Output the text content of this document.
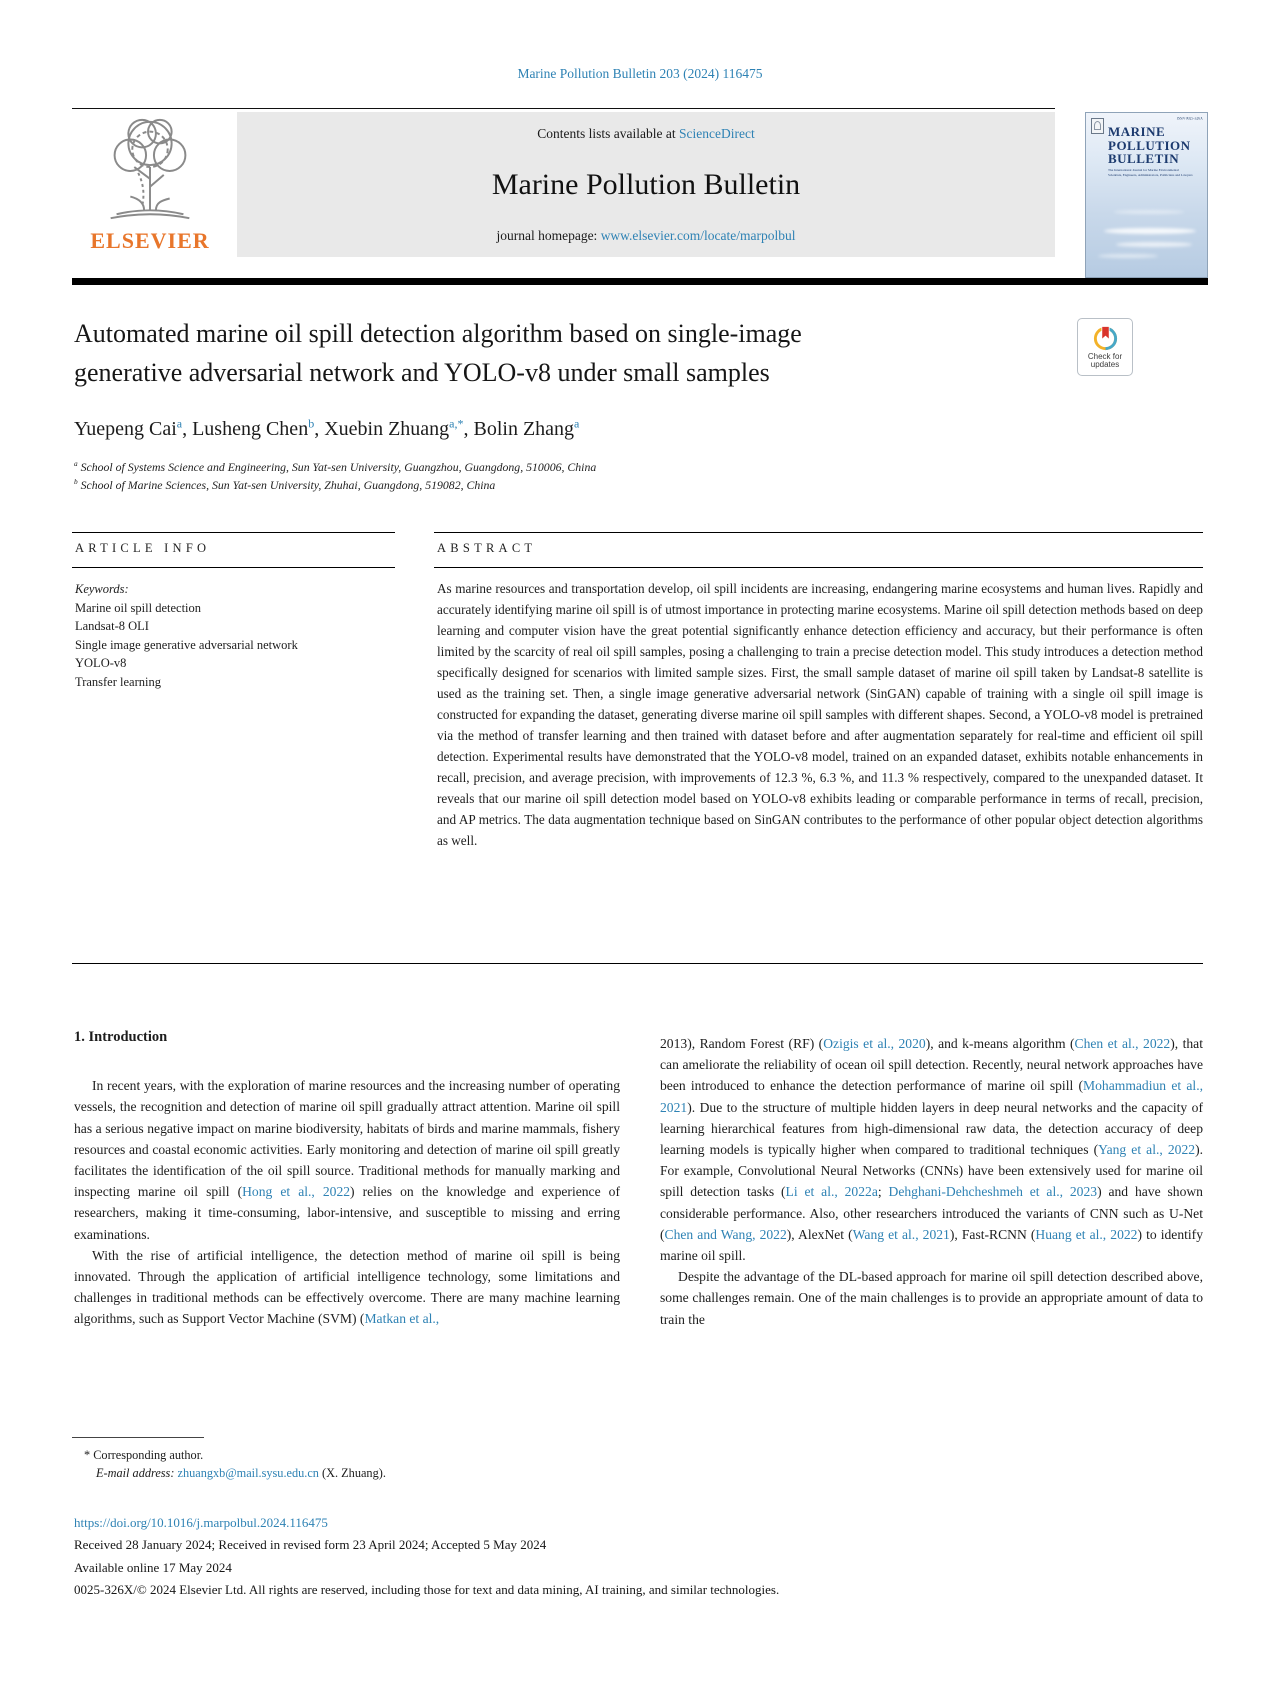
Marine Pollution Bulletin 203 (2024) 116475
ELSEVIER
Contents lists available at ScienceDirect
Marine Pollution Bulletin
journal homepage: www.elsevier.com/locate/marpolbul
ISSN 0025-326X
MARINE
POLLUTION
BULLETIN
The International Journal for Marine Environmental
Scientists, Engineers, Administrators, Politicians and Lawyers
Automated marine oil spill detection algorithm based on single-image
generative adversarial network and YOLO-v8 under small samples
Check for
updates
Yuepeng Cai$^a$, Lusheng Chen$^b$, Xuebin Zhuang$^{a,*}$, Bolin Zhang$^a$
$^a$ School of Systems Science and Engineering, Sun Yat-sen University, Guangzhou, Guangdong, 510006, China
$^b$ School of Marine Sciences, Sun Yat-sen University, Zhuhai, Guangdong, 519082, China
ARTICLE INFO	ABSTRACT
Keywords:
Marine oil spill detection
Landsat-8 OLI
Single image generative adversarial network
YOLO-v8
Transfer learning
As marine resources and transportation develop, oil spill incidents are increasing, endangering marine ecosystems and human lives. Rapidly and accurately identifying marine oil spill is of utmost importance in protecting marine ecosystems. Marine oil spill detection methods based on deep learning and computer vision have the great potential significantly enhance detection efficiency and accuracy, but their performance is often limited by the scarcity of real oil spill samples, posing a challenging to train a precise detection model. This study introduces a detection method specifically designed for scenarios with limited sample sizes. First, the small sample dataset of marine oil spill taken by Landsat-8 satellite is used as the training set. Then, a single image generative adversarial network (SinGAN) capable of training with a single oil spill image is constructed for expanding the dataset, generating diverse marine oil spill samples with different shapes. Second, a YOLO-v8 model is pretrained via the method of transfer learning and then trained with dataset before and after augmentation separately for real-time and efficient oil spill detection. Experimental results have demonstrated that the YOLO-v8 model, trained on an expanded dataset, exhibits notable enhancements in recall, precision, and average precision, with improvements of 12.3 %, 6.3 %, and 11.3 % respectively, compared to the unexpanded dataset. It reveals that our marine oil spill detection model based on YOLO-v8 exhibits leading or comparable performance in terms of recall, precision, and AP metrics. The data augmentation technique based on SinGAN contributes to the performance of other popular object detection algorithms as well.
1. Introduction

In recent years, with the exploration of marine resources and the increasing number of operating vessels, the recognition and detection of marine oil spill gradually attract attention. Marine oil spill has a serious negative impact on marine biodiversity, habitats of birds and marine mammals, fishery resources and coastal economic activities. Early monitoring and detection of marine oil spill greatly facilitates the identification of the oil spill source. Traditional methods for manually marking and inspecting marine oil spill (Hong et al., 2022) relies on the knowledge and experience of researchers, making it time-consuming, labor-intensive, and susceptible to missing and erring examinations.

With the rise of artificial intelligence, the detection method of marine oil spill is being innovated. Through the application of artificial intelligence technology, some limitations and challenges in traditional methods can be effectively overcome. There are many machine learning algorithms, such as Support Vector Machine (SVM) (Matkan et al.,

2013), Random Forest (RF) (Ozigis et al., 2020), and k-means algorithm (Chen et al., 2022), that can ameliorate the reliability of ocean oil spill detection. Recently, neural network approaches have been introduced to enhance the detection performance of marine oil spill (Mohammadiun et al., 2021). Due to the structure of multiple hidden layers in deep neural networks and the capacity of learning hierarchical features from high-dimensional raw data, the detection accuracy of deep learning models is typically higher when compared to traditional techniques (Yang et al., 2022). For example, Convolutional Neural Networks (CNNs) have been extensively used for marine oil spill detection tasks (Li et al., 2022a; Dehghani-Dehcheshmeh et al., 2023) and have shown considerable performance. Also, other researchers introduced the variants of CNN such as U-Net (Chen and Wang, 2022), AlexNet (Wang et al., 2021), Fast-RCNN (Huang et al., 2022) to identify marine oil spill.

Despite the advantage of the DL-based approach for marine oil spill detection described above, some challenges remain. One of the main challenges is to provide an appropriate amount of data to train the

* Corresponding author.
E-mail address: zhuangxb@mail.sysu.edu.cn (X. Zhuang).
https://doi.org/10.1016/j.marpolbul.2024.116475
Received 28 January 2024; Received in revised form 23 April 2024; Accepted 5 May 2024
Available online 17 May 2024
0025-326X/© 2024 Elsevier Ltd. All rights are reserved, including those for text and data mining, AI training, and similar technologies.
